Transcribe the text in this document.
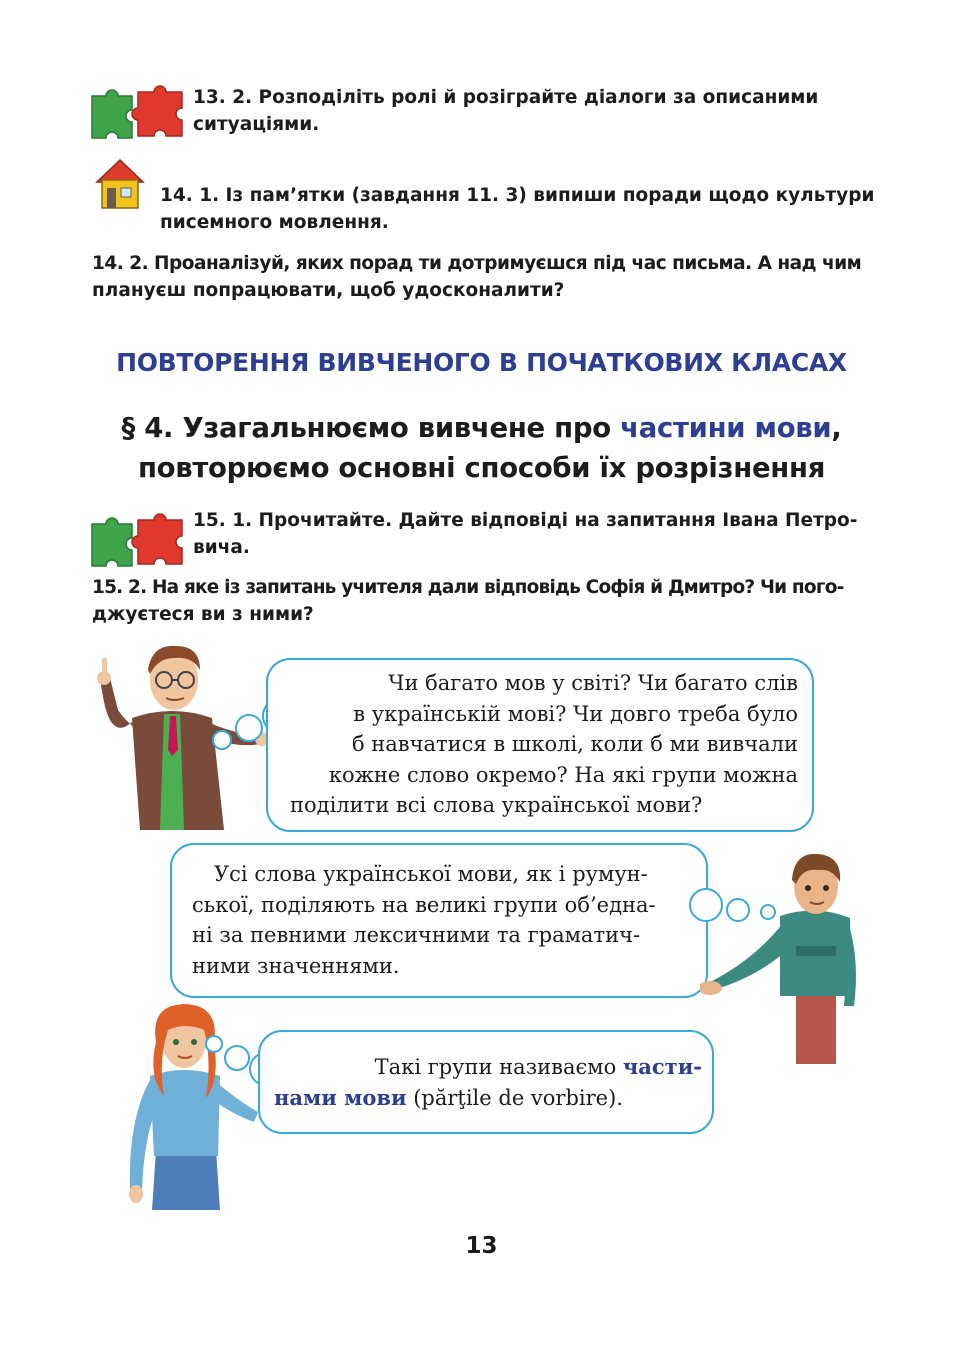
13. 2. Розподіліть ролі й розіграйте діалоги за описаними

ситуаціями.

14. 1. Із пам’ятки (завдання 11. 3) випиши поради щодо культури

писемного мовлення.

14. 2. Проаналізуй, яких порад ти дотримуєшся під час письма. А над чим

плануєш попрацювати, щоб удосконалити?

ПОВТОРЕННЯ ВИВЧЕНОГО В ПОЧАТКОВИХ КЛАСАХ
§ 4. Узагальнюємо вивчене про частини мови,
повторюємо основні способи їх розрізнення

15. 1. Прочитайте. Дайте відповіді на запитання Івана Петро-

вича.

15. 2. На яке із запитань учителя дали відповідь Софія й Дмитро? Чи пого-

джуєтеся ви з ними?

Чи багато мов у світі? Чи багато слів

в українській мові? Чи довго треба було

б навчатися в школі, коли б ми вивчали

кожне слово окремо? На які групи можна

поділити всі слова української мови?

Усі слова української мови, як і румун-

ської, поділяють на великі групи об’една-

ні за певними лексичними та граматич-

ними значеннями.

Такі групи називаємо части-

нами мови (părţile de vorbire).

13
